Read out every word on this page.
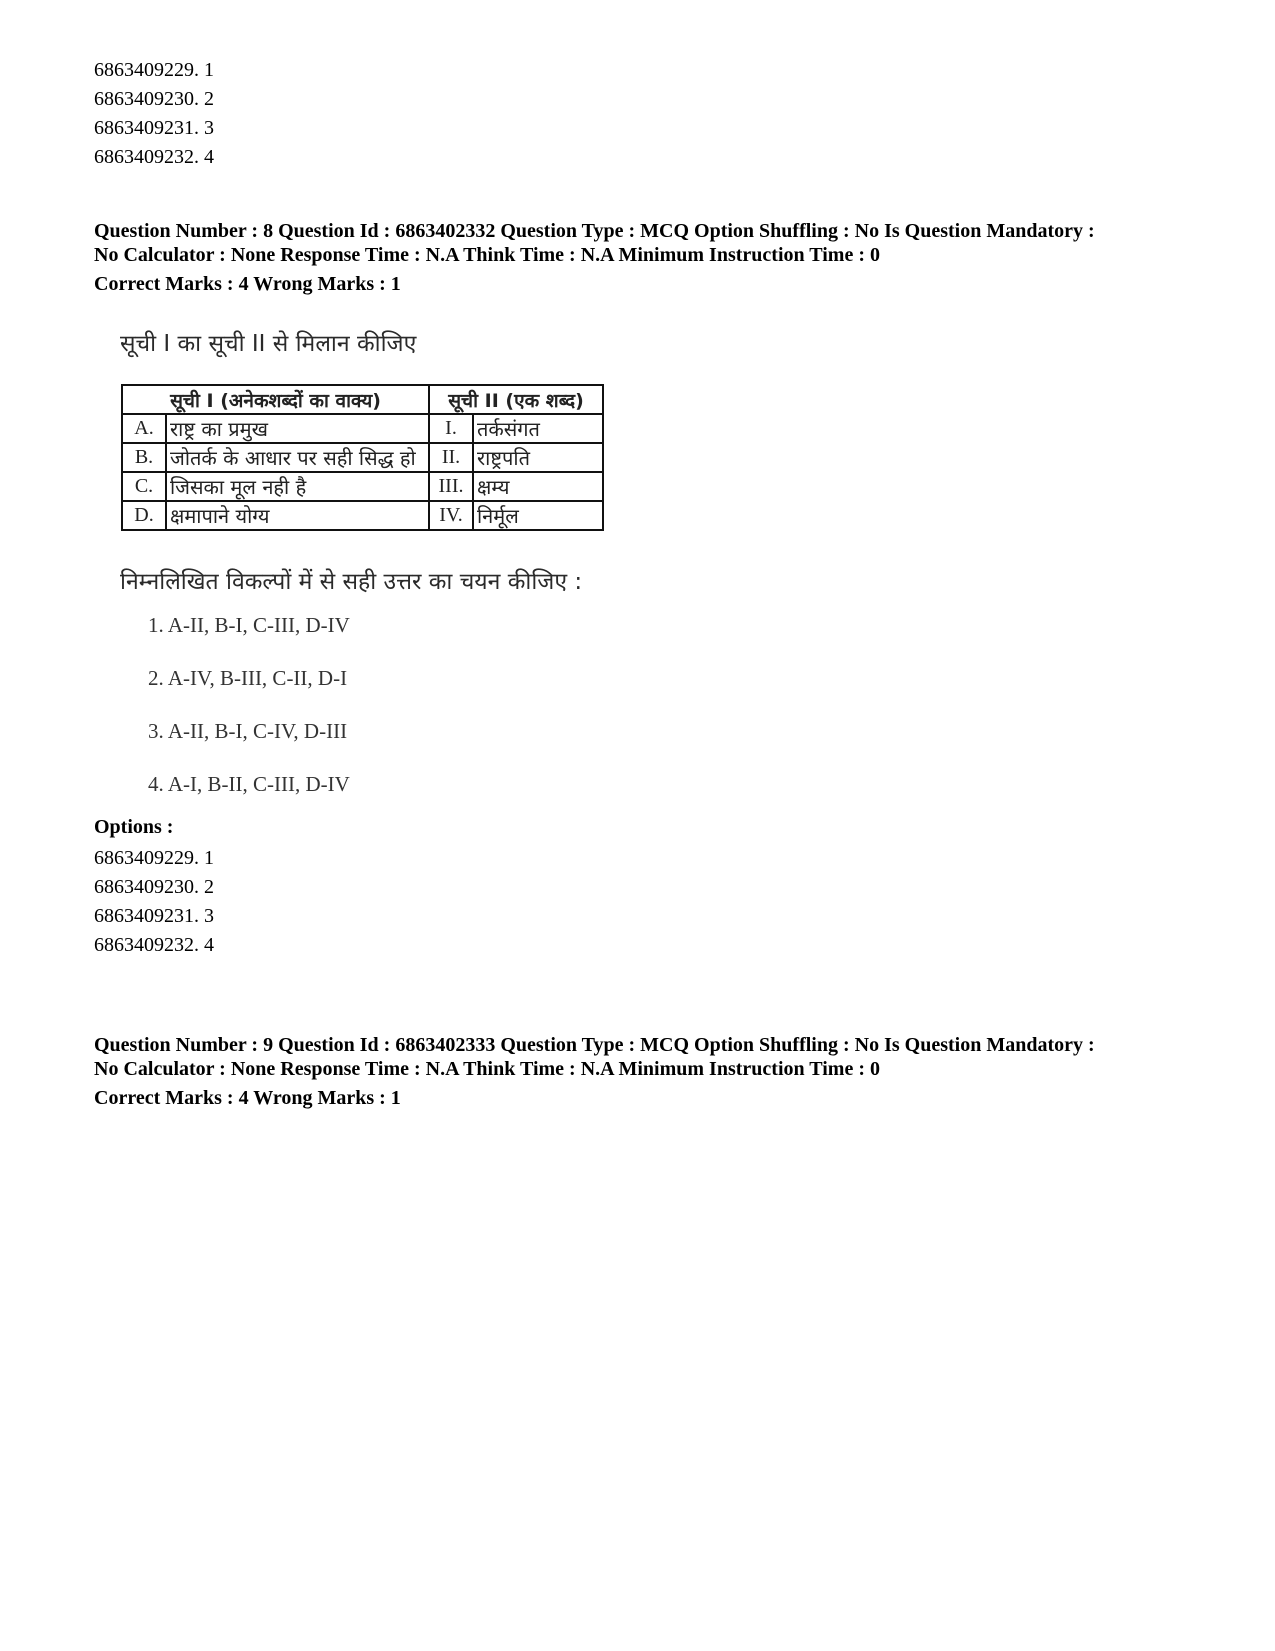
6863409229. 1
6863409230. 2
6863409231. 3
6863409232. 4
Question Number : 8 Question Id : 6863402332 Question Type : MCQ Option Shuffling : No Is Question Mandatory :
No Calculator : None Response Time : N.A Think Time : N.A Minimum Instruction Time : 0
Correct Marks : 4 Wrong Marks : 1
सूची I का सूची II से मिलान कीजिए
सूची I (अनेकशब्दों का वाक्य)		सूची II (एक शब्द)	
A.	राष्ट्र का प्रमुख	I.	तर्कसंगत
B.	जोतर्क के आधार पर सही सिद्ध हो	II.	राष्ट्रपति
C.	जिसका मूल नही है	III.	क्षम्य
D.	क्षमापाने योग्य	IV.	निर्मूल
निम्नलिखित विकल्पों में से सही उत्तर का चयन कीजिए :
1. A-II, B-I, C-III, D-IV
2. A-IV, B-III, C-II, D-I
3. A-II, B-I, C-IV, D-III
4. A-I, B-II, C-III, D-IV
Options :
6863409229. 1
6863409230. 2
6863409231. 3
6863409232. 4
Question Number : 9 Question Id : 6863402333 Question Type : MCQ Option Shuffling : No Is Question Mandatory :
No Calculator : None Response Time : N.A Think Time : N.A Minimum Instruction Time : 0
Correct Marks : 4 Wrong Marks : 1
